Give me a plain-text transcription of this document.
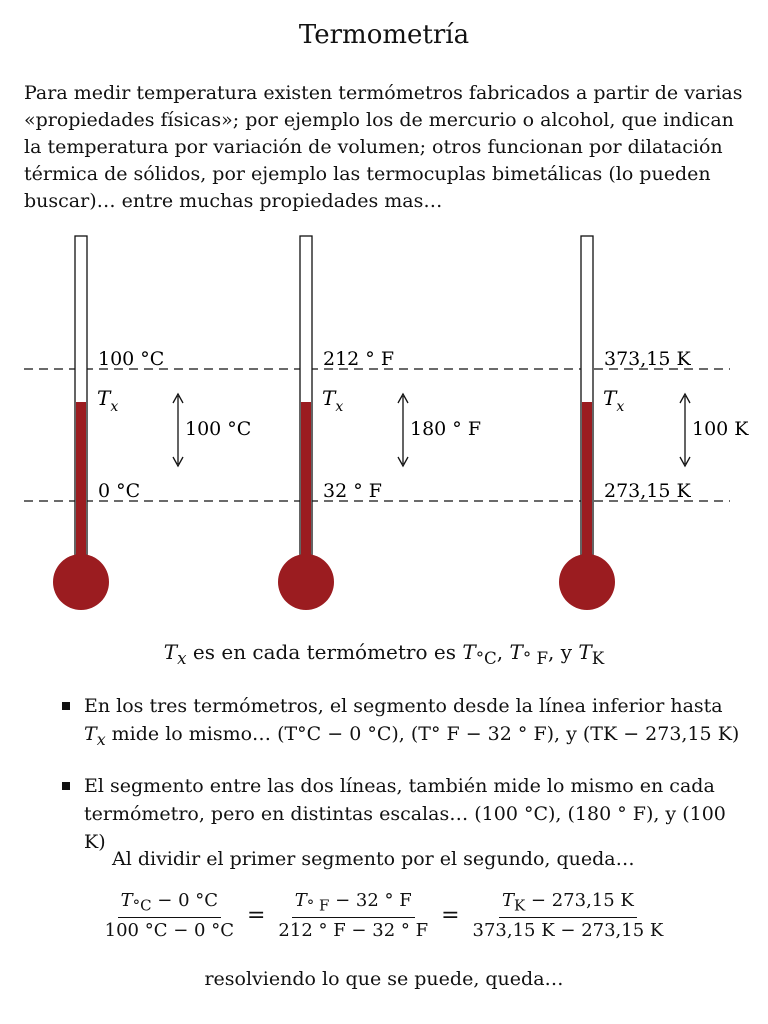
Termometría

Para medir temperatura existen termómetros fabricados a partir de varias «propiedades físicas»; por ejemplo los de mercurio o alcohol, que indican la temperatura por variación de volumen; otros funcionan por dilatación térmica de sólidos, por ejemplo las termocuplas bimetálicas (lo pueden buscar)… entre muchas propiedades mas…

100 °C
0 °C
$T_x$
100 °C
212 ° F
32 ° F
$T_x$
180 ° F
373,15 K
273,15 K
$T_x$
100 K
$T_x$ es en cada termómetro es $T_{^\circ C}$, $T_{^\circ F}$, y $T_K$
En los tres termómetros, el segmento desde la línea inferior hasta
$T_x$ mide lo mismo… (T°C − 0 °C), (T° F − 32 ° F), y (TK − 273,15 K)
El segmento entre las dos líneas, también mide lo mismo en cada termómetro, pero en distintas escalas… (100 °C), (180 ° F), y (100 K)
Al dividir el primer segmento por el segundo, queda…
$\frac{T_{^\circ C} - 0 ^\circ C}{100 ^\circ C - 0 ^\circ C} = \frac{T_{^\circ F} - 32 ^\circ F}{212 ^\circ F - 32 ^\circ F} = \frac{T_K - 273,15 K}{373,15 K - 273,15 K}$
resolviendo lo que se puede, queda…
